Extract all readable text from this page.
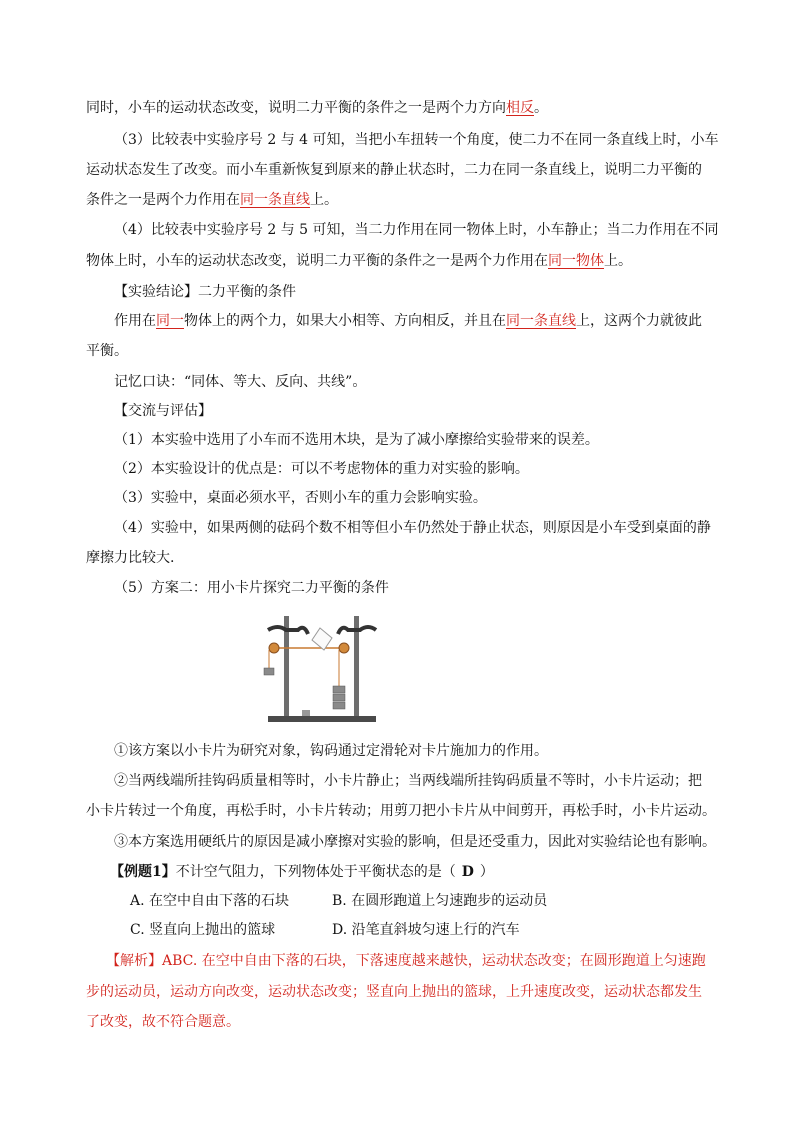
同时，小车的运动状态改变，说明二力平衡的条件之一是两个力方向相反。
（3）比较表中实验序号 2 与 4 可知，当把小车扭转一个角度，使二力不在同一条直线上时，小车
运动状态发生了改变。而小车重新恢复到原来的静止状态时，二力在同一条直线上，说明二力平衡的
条件之一是两个力作用在同一条直线上。
（4）比较表中实验序号 2 与 5 可知，当二力作用在同一物体上时，小车静止；当二力作用在不同
物体上时，小车的运动状态改变，说明二力平衡的条件之一是两个力作用在同一物体上。
【实验结论】二力平衡的条件
作用在同一物体上的两个力，如果大小相等、方向相反，并且在同一条直线上，这两个力就彼此
平衡。
记忆口诀：“同体、等大、反向、共线”。
【交流与评估】
（1）本实验中选用了小车而不选用木块，是为了减小摩擦给实验带来的误差。
（2）本实验设计的优点是：可以不考虑物体的重力对实验的影响。
（3）实验中，桌面必须水平，否则小车的重力会影响实验。
（4）实验中，如果两侧的砝码个数不相等但小车仍然处于静止状态，则原因是小车受到桌面的静
摩擦力比较大.
（5）方案二：用小卡片探究二力平衡的条件
①该方案以小卡片为研究对象，钩码通过定滑轮对卡片施加力的作用。
②当两线端所挂钩码质量相等时，小卡片静止；当两线端所挂钩码质量不等时，小卡片运动；把
小卡片转过一个角度，再松手时，小卡片转动；用剪刀把小卡片从中间剪开，再松手时，小卡片运动。
③本方案选用硬纸片的原因是减小摩擦对实验的影响，但是还受重力，因此对实验结论也有影响。
【例题1】不计空气阻力，下列物体处于平衡状态的是（ D ）
A. 在空中自由下落的石块	B. 在圆形跑道上匀速跑步的运动员
C. 竖直向上抛出的篮球	D. 沿笔直斜坡匀速上行的汽车
【解析】ABC. 在空中自由下落的石块，下落速度越来越快，运动状态改变；在圆形跑道上匀速跑
步的运动员，运动方向改变，运动状态改变；竖直向上抛出的篮球，上升速度改变，运动状态都发生
了改变，故不符合题意。
